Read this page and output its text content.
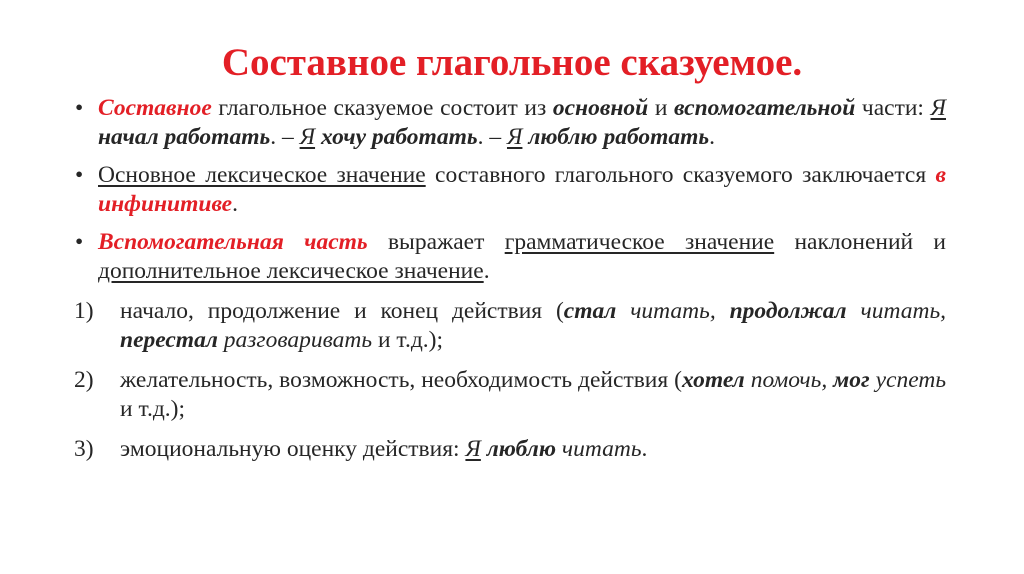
Составное глагольное сказуемое.
• Составное глагольное сказуемое состоит из основной и вспомогательной части: Я начал работать. – Я хочу работать. – Я люблю работать.
• Основное лексическое значение составного глагольного сказуемого заключается в инфинитиве.
• Вспомогательная часть выражает грамматическое значение наклонений и дополнительное лексическое значение.
1) начало, продолжение и конец действия (стал читать, продолжал читать, перестал разговаривать и т.д.);
2) желательность, возможность, необходимость действия (хотел помочь, мог успеть и т.д.);
3) эмоциональную оценку действия: Я люблю читать.
